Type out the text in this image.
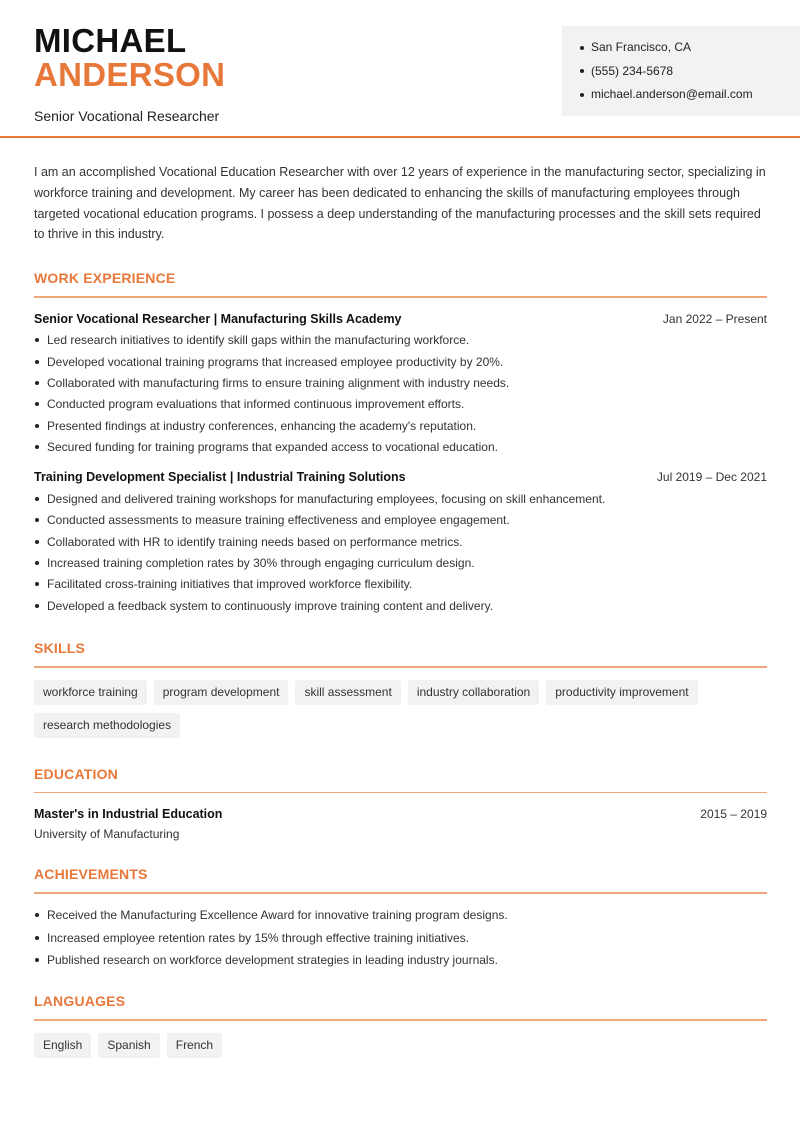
MICHAEL
ANDERSON
Senior Vocational Researcher
San Francisco, CA
(555) 234-5678
michael.anderson@email.com

I am an accomplished Vocational Education Researcher with over 12 years of experience in the manufacturing sector, specializing in workforce training and development. My career has been dedicated to enhancing the skills of manufacturing employees through targeted vocational education programs. I possess a deep understanding of the manufacturing processes and the skill sets required to thrive in this industry.

WORK EXPERIENCE
Senior Vocational Researcher | Manufacturing Skills Academy	Jan 2022 – Present
Led research initiatives to identify skill gaps within the manufacturing workforce.
Developed vocational training programs that increased employee productivity by 20%.
Collaborated with manufacturing firms to ensure training alignment with industry needs.
Conducted program evaluations that informed continuous improvement efforts.
Presented findings at industry conferences, enhancing the academy's reputation.
Secured funding for training programs that expanded access to vocational education.
Training Development Specialist | Industrial Training Solutions	Jul 2019 – Dec 2021
Designed and delivered training workshops for manufacturing employees, focusing on skill enhancement.
Conducted assessments to measure training effectiveness and employee engagement.
Collaborated with HR to identify training needs based on performance metrics.
Increased training completion rates by 30% through engaging curriculum design.
Facilitated cross-training initiatives that improved workforce flexibility.
Developed a feedback system to continuously improve training content and delivery.
SKILLS
workforce training	program development	skill assessment	industry collaboration	productivity improvement
research methodologies
EDUCATION
Master's in Industrial Education	2015 – 2019
University of Manufacturing
ACHIEVEMENTS
Received the Manufacturing Excellence Award for innovative training program designs.
Increased employee retention rates by 15% through effective training initiatives.
Published research on workforce development strategies in leading industry journals.
LANGUAGES
English	Spanish	French
